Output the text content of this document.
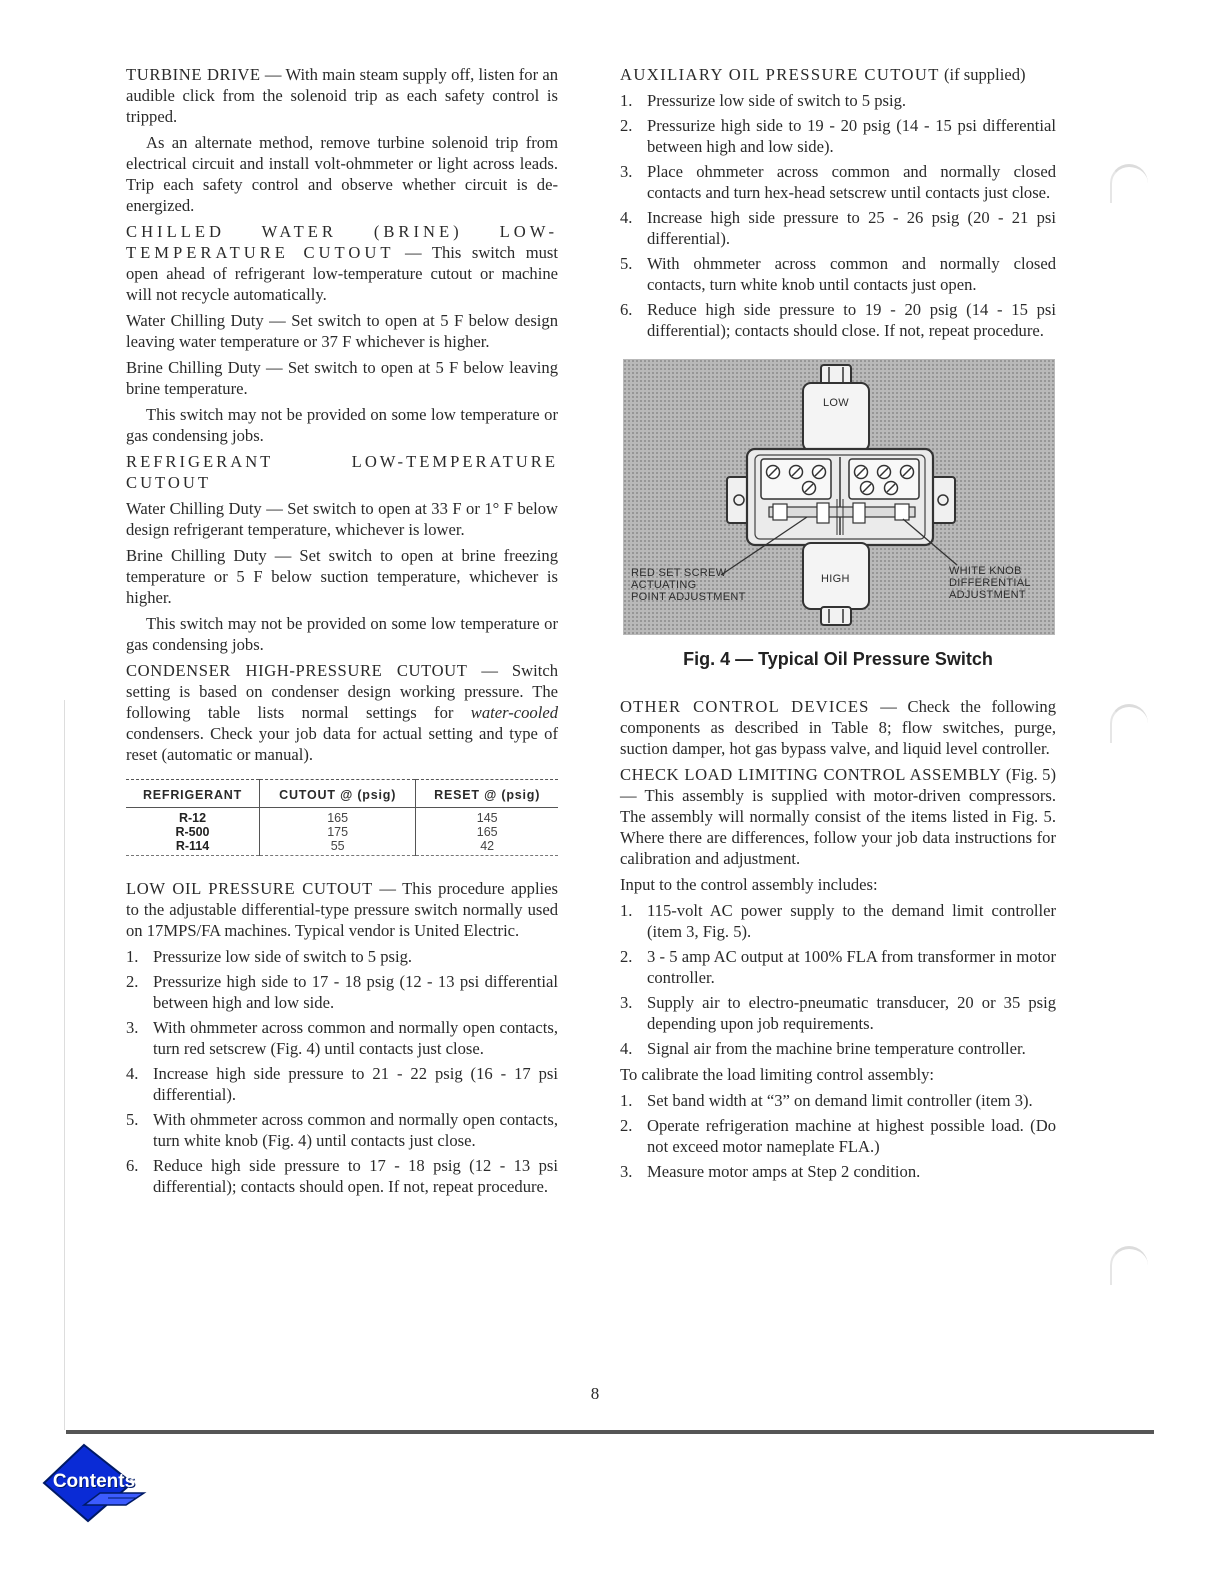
TURBINE DRIVE — With main steam supply off, listen for an audible click from the solenoid trip as each safety control is tripped.

As an alternate method, remove turbine solenoid trip from electrical circuit and install volt-ohmmeter or light across leads. Trip each safety control and observe whether circuit is de-energized.

CHILLED WATER (BRINE) LOW-TEMPERATURE CUTOUT — This switch must open ahead of refrigerant low-temperature cutout or machine will not recycle automatically.

Water Chilling Duty — Set switch to open at 5 F below design leaving water temperature or 37 F whichever is higher.

Brine Chilling Duty — Set switch to open at 5 F below leaving brine temperature.

This switch may not be provided on some low temperature or gas condensing jobs.

REFRIGERANT LOW-TEMPERATURE CUTOUT

Water Chilling Duty — Set switch to open at 33 F or 1° F below design refrigerant temperature, whichever is lower.

Brine Chilling Duty — Set switch to open at brine freezing temperature or 5 F below suction temperature, whichever is higher.

This switch may not be provided on some low temperature or gas condensing jobs.

CONDENSER HIGH-PRESSURE CUTOUT — Switch setting is based on condenser design working pressure. The following table lists normal settings for water-cooled condensers. Check your job data for actual setting and type of reset (automatic or manual).

REFRIGERANT	CUTOUT @ (psig)	RESET @ (psig)
R-12	165	145
R-500	175	165
R-114	55	42

LOW OIL PRESSURE CUTOUT — This procedure applies to the adjustable differential-type pressure switch normally used on 17MPS/FA machines. Typical vendor is United Electric.

1. Pressurize low side of switch to 5 psig.
2. Pressurize high side to 17 - 18 psig (12 - 13 psi differential between high and low side.
3. With ohmmeter across common and normally open contacts, turn red setscrew (Fig. 4) until contacts just close.
4. Increase high side pressure to 21 - 22 psig (16 - 17 psi differential).
5. With ohmmeter across common and normally open contacts, turn white knob (Fig. 4) until contacts just close.
6. Reduce high side pressure to 17 - 18 psig (12 - 13 psi differential); contacts should open. If not, repeat procedure.

AUXILIARY OIL PRESSURE CUTOUT (if supplied)

1. Pressurize low side of switch to 5 psig.
2. Pressurize high side to 19 - 20 psig (14 - 15 psi differential between high and low side).
3. Place ohmmeter across common and normally closed contacts and turn hex-head setscrew until contacts just close.
4. Increase high side pressure to 25 - 26 psig (20 - 21 psi differential).
5. With ohmmeter across common and normally closed contacts, turn white knob until contacts just open.
6. Reduce high side pressure to 19 - 20 psig (14 - 15 psi differential); contacts should close. If not, repeat procedure.
LOW
HIGH
RED SET SCREW
ACTUATING
POINT ADJUSTMENT
WHITE KNOB
DIFFERENTIAL
ADJUSTMENT
Fig. 4 — Typical Oil Pressure Switch

OTHER CONTROL DEVICES — Check the following components as described in Table 8; flow switches, purge, suction damper, hot gas bypass valve, and liquid level controller.

CHECK LOAD LIMITING CONTROL ASSEMBLY (Fig. 5) — This assembly is supplied with motor-driven compressors. The assembly will normally consist of the items listed in Fig. 5. Where there are differences, follow your job data instructions for calibration and adjustment.

Input to the control assembly includes:

1. 115-volt AC power supply to the demand limit controller (item 3, Fig. 5).
2. 3 - 5 amp AC output at 100% FLA from transformer in motor controller.
3. Supply air to electro-pneumatic transducer, 20 or 35 psig depending upon job requirements.
4. Signal air from the machine brine temperature controller.

To calibrate the load limiting control assembly:

1. Set band width at “3” on demand limit controller (item 3).
2. Operate refrigeration machine at highest possible load. (Do not exceed motor nameplate FLA.)
3. Measure motor amps at Step 2 condition.
8
Contents
